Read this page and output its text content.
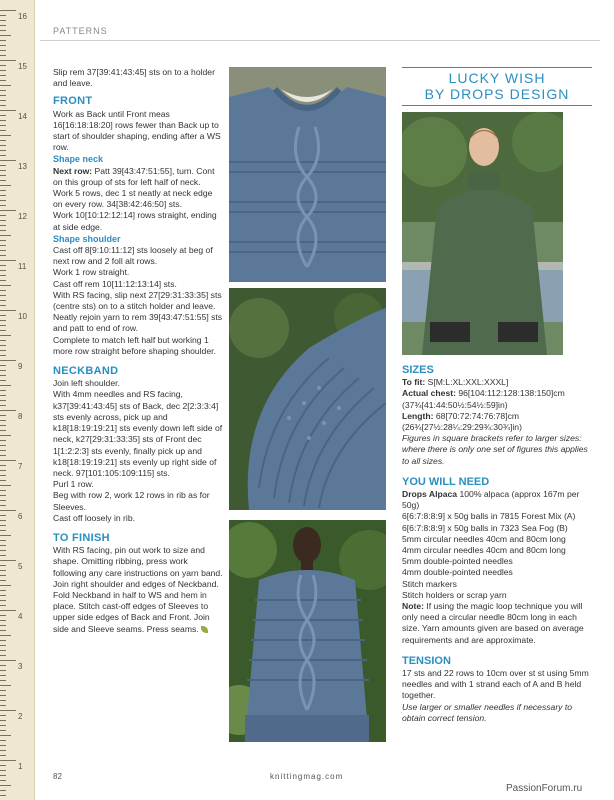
16
15
14
13
12
11
10
9
8
7
6
5
4
3
2
1
PATTERNS

Slip rem 37[39:41:43:45] sts on to a holder and leave.

FRONT

Work as Back until Front meas 16[16:18:18:20] rows fewer than Back up to start of shoulder shaping, ending after a WS row.

Shape neck

Next row: Patt 39[43:47:51:55], turn. Cont on this group of sts for left half of neck.

Work 5 rows, dec 1 st neatly at neck edge on every row. 34[38:42:46:50] sts.

Work 10[10:12:12:14] rows straight, ending at side edge.

Shape shoulder

Cast off 8[9:10:11:12] sts loosely at beg of next row and 2 foll alt rows.

Work 1 row straight.

Cast off rem 10[11:12:13:14] sts.

With RS facing, slip next 27[29:31:33:35] sts (centre sts) on to a stitch holder and leave.

Neatly rejoin yarn to rem 39[43:47:51:55] sts and patt to end of row.

Complete to match left half but working 1 more row straight before shaping shoulder.

NECKBAND

Join left shoulder.

With 4mm needles and RS facing, k37[39:41:43:45] sts of Back, dec 2[2:3:3:4] sts evenly across, pick up and k18[18:19:19:21] sts evenly down left side of neck, k27[29:31:33:35] sts of Front dec 1[1:2:2:3] sts evenly, finally pick up and k18[18:19:19:21] sts evenly up right side of neck. 97[101:105:109:115] sts.

Purl 1 row.

Beg with row 2, work 12 rows in rib as for Sleeves.

Cast off loosely in rib.

TO FINISH

With RS facing, pin out work to size and shape. Omitting ribbing, press work following any care instructions on yarn band.

Join right shoulder and edges of Neckband. Fold Neckband in half to WS and hem in place. Stitch cast-off edges of Sleeves to upper side edges of Back and Front. Join side and Sleeve seams. Press seams.

LUCKY WISH
BY DROPS DESIGN
SIZES

To fit: S[M:L:XL:XXL:XXXL]

Actual chest: 96[104:112:128:138:150]cm (37¾[41:44:50½:54½:59]in)

Length: 68[70:72:74:76:78]cm (26¾[27½:28¼:29:29¾:30¾]in)

Figures in square brackets refer to larger sizes: where there is only one set of figures this applies to all sizes.

YOU WILL NEED

Drops Alpaca 100% alpaca (approx 167m per 50g)

6[6:7:8:8:9] x 50g balls in 7815 Forest Mix (A)

6[6:7:8:8:9] x 50g balls in 7323 Sea Fog (B)

5mm circular needles 40cm and 80cm long

4mm circular needles 40cm and 80cm long

5mm double-pointed needles

4mm double-pointed needles

Stitch markers

Stitch holders or scrap yarn

Note: If using the magic loop technique you will only need a circular needle 80cm long in each size. Yarn amounts given are based on average requirements and are approximate.

TENSION

17 sts and 22 rows to 10cm over st st using 5mm needles and with 1 strand each of A and B held together.

Use larger or smaller needles if necessary to obtain correct tension.

82	knittingmag.com
PassionForum.ru
